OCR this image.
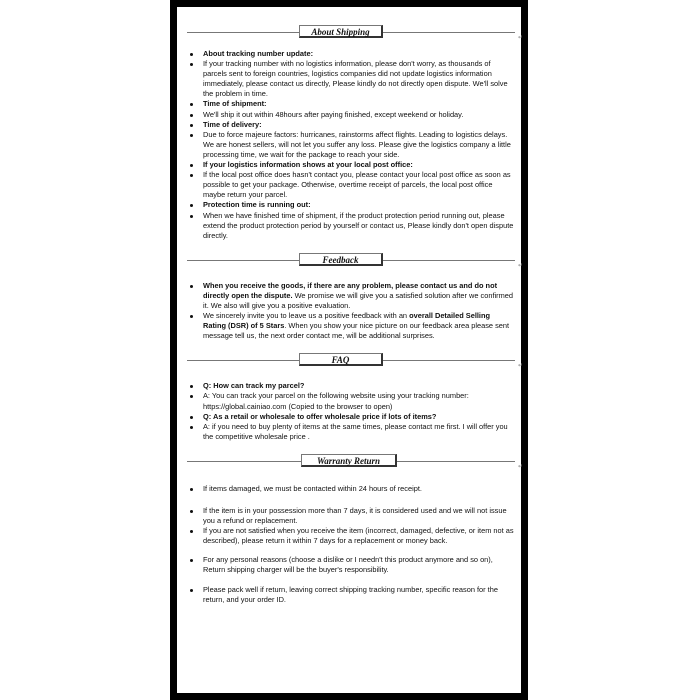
About Shipping
↵
About tracking number update:
If your tracking number with no logistics information, please don't worry, as thousands of parcels sent to foreign countries, logistics companies did not update logistics information immediately, please contact us directly, Please kindly do not directly open dispute. We'll solve the problem in time.
Time of shipment:
We'll ship it out within 48hours after paying finished, except weekend or holiday.
Time of delivery:
Due to force majeure factors: hurricanes, rainstorms affect flights. Leading to logistics delays. We are honest sellers, will not let you suffer any loss. Please give the logistics company a little processing time, we wait for the package to reach your side.
If your logistics information shows at your local post office:
If the local post office does hasn't contact you, please contact your local post office as soon as possible to get your package. Otherwise, overtime receipt of parcels, the local post office maybe return your parcel.
Protection time is running out:
When we have finished time of shipment, if the product protection period running out, please extend the product protection period by yourself or contact us, Please kindly don't open dispute directly.
Feedback
↵
When you receive the goods, if there are any problem, please contact us and do not directly open the dispute. We promise we will give you a satisfied solution after we confirmed it. We also will give you a positive evaluation.
We sincerely invite you to leave us a positive feedback with an overall Detailed Selling Rating (DSR) of 5 Stars. When you show your nice picture on our feedback area please sent message tell us, the next order contact me, will be additional surprises.
FAQ
↵
Q: How can track my parcel?
A: You can track your parcel on the following website using your tracking number: https://global.cainiao.com (Copied to the browser to open)
Q: As a retail or wholesale to offer wholesale price if lots of items?
A: if you need to buy plenty of items at the same times, please contact me first. I will offer you the competitive wholesale price .
Warranty Return
↵
If items damaged, we must be contacted within 24 hours of receipt.
If the item is in your possession more than 7 days, it is considered used and we will not issue you a refund or replacement.
If you are not satisfied when you receive the item (incorrect, damaged, defective, or item not as described), please return it within 7 days for a replacement or money back.
For any personal reasons (choose a dislike or I needn't this product anymore and so on), Return shipping charger will be the buyer's responsibility.
Please pack well if return, leaving correct shipping tracking number, specific reason for the return, and your order ID.
